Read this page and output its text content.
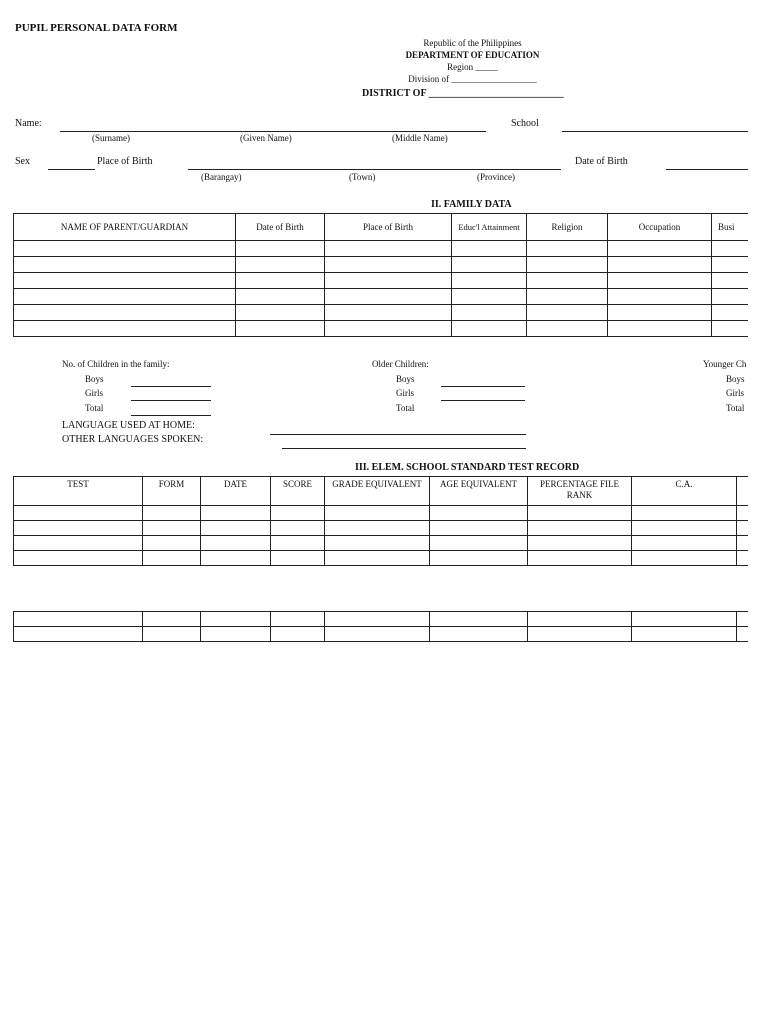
PUPIL PERSONAL DATA FORM
Republic of the Philippines
DEPARTMENT OF EDUCATION
Region _____
Division of ___________________
DISTRICT OF ___________________________
Name:
(Surname)	(Given Name)	(Middle Name)
School
Sex	Place of Birth
(Barangay)	(Town)	(Province)
Date of Birth
II. FAMILY DATA
NAME OF PARENT/GUARDIAN	Date of Birth	Place of Birth	Educ'l Attainment	Religion	Occupation	Busi

No. of Children in the family:
Boys
Girls
Total
Older Children:
Boys
Girls
Total
Younger Ch
Boys
Girls
Total
LANGUAGE USED AT HOME:
OTHER LANGUAGES SPOKEN:
III. ELEM. SCHOOL STANDARD TEST RECORD
TEST	FORM	DATE	SCORE	GRADE EQUIVALENT	AGE EQUIVALENT	PERCENTAGE FILE RANK	C.A.	
